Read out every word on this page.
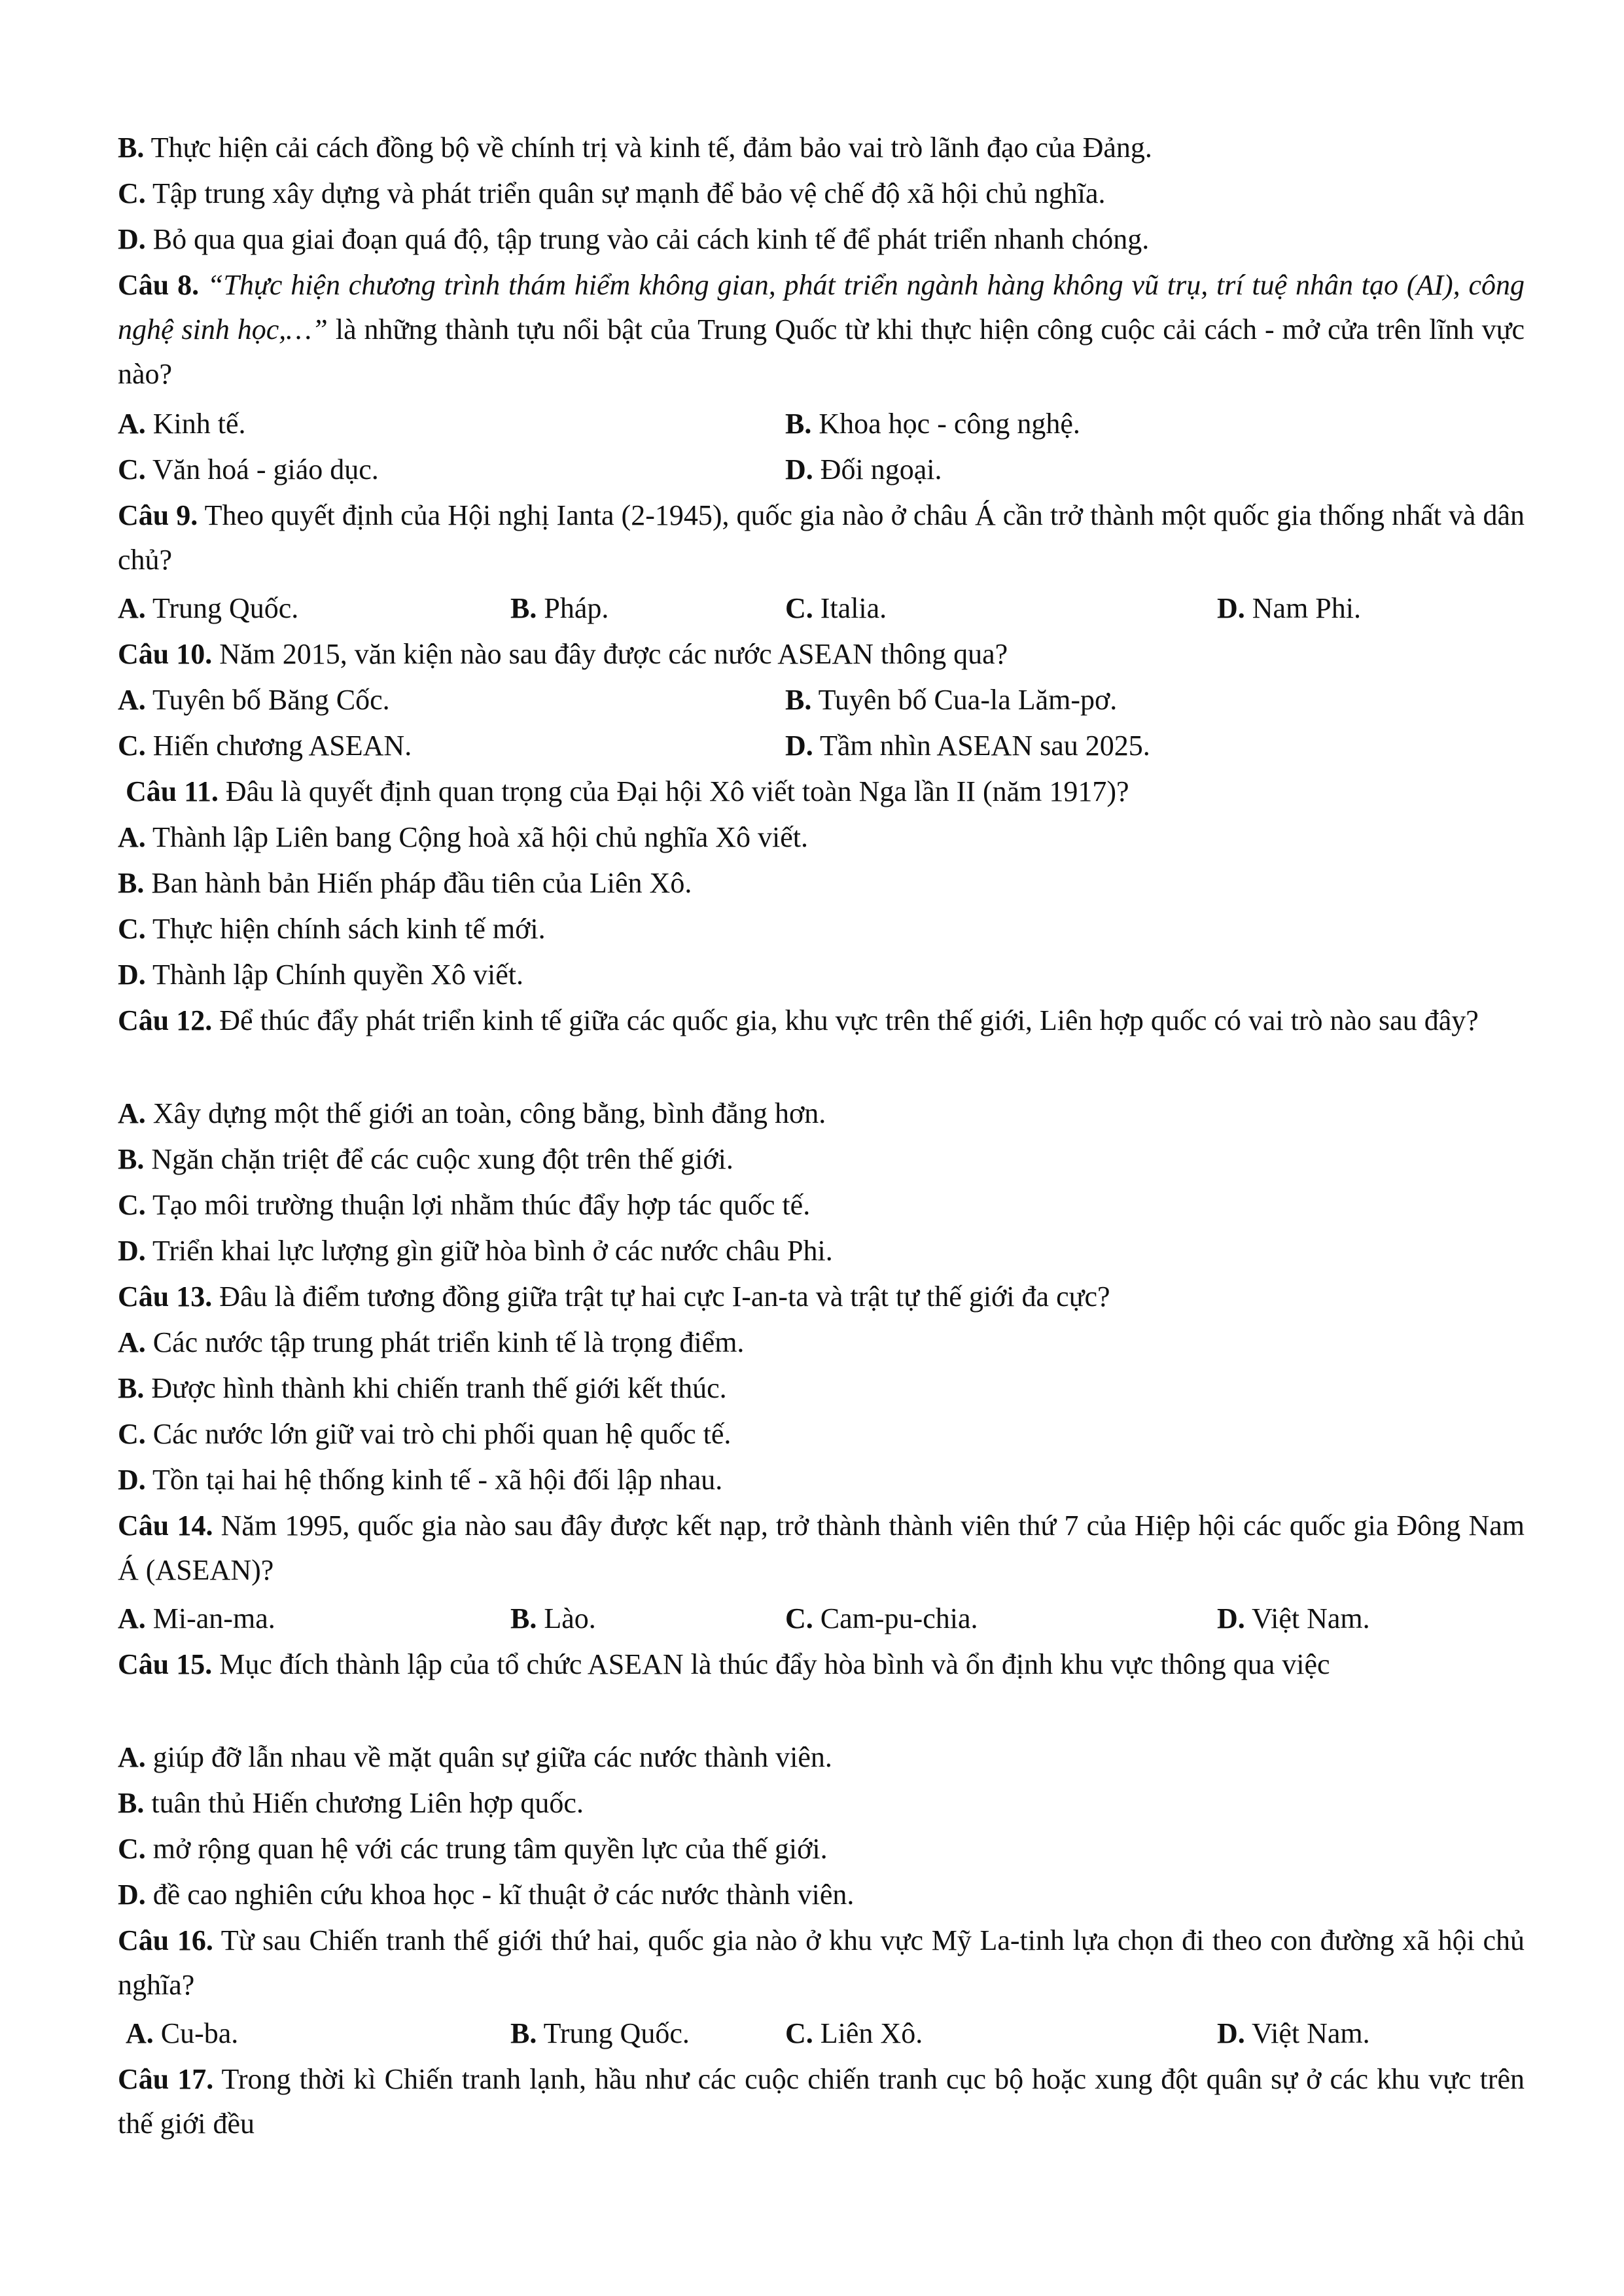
B. Thực hiện cải cách đồng bộ về chính trị và kinh tế, đảm bảo vai trò lãnh đạo của Đảng.
C. Tập trung xây dựng và phát triển quân sự mạnh để bảo vệ chế độ xã hội chủ nghĩa.
D. Bỏ qua qua giai đoạn quá độ, tập trung vào cải cách kinh tế để phát triển nhanh chóng.
Câu 8. “Thực hiện chương trình thám hiểm không gian, phát triển ngành hàng không vũ trụ, trí tuệ nhân tạo (AI), công nghệ sinh học,…” là những thành tựu nổi bật của Trung Quốc từ khi thực hiện công cuộc cải cách - mở cửa trên lĩnh vực nào?
A. Kinh tế.	B. Khoa học - công nghệ.
C. Văn hoá - giáo dục.	D. Đối ngoại.
Câu 9. Theo quyết định của Hội nghị Ianta (2-1945), quốc gia nào ở châu Á cần trở thành một quốc gia thống nhất và dân chủ?
A. Trung Quốc.	B. Pháp.	C. Italia.	D. Nam Phi.
Câu 10. Năm 2015, văn kiện nào sau đây được các nước ASEAN thông qua?
A. Tuyên bố Băng Cốc.	B. Tuyên bố Cua-la Lăm-pơ.
C. Hiến chương ASEAN.	D. Tầm nhìn ASEAN sau 2025.
Câu 11. Đâu là quyết định quan trọng của Đại hội Xô viết toàn Nga lần II (năm 1917)?
A. Thành lập Liên bang Cộng hoà xã hội chủ nghĩa Xô viết.
B. Ban hành bản Hiến pháp đầu tiên của Liên Xô.
C. Thực hiện chính sách kinh tế mới.
D. Thành lập Chính quyền Xô viết.
Câu 12. Để thúc đẩy phát triển kinh tế giữa các quốc gia, khu vực trên thế giới, Liên hợp quốc có vai trò nào sau đây?
A. Xây dựng một thế giới an toàn, công bằng, bình đẳng hơn.
B. Ngăn chặn triệt để các cuộc xung đột trên thế giới.
C. Tạo môi trường thuận lợi nhằm thúc đẩy hợp tác quốc tế.
D. Triển khai lực lượng gìn giữ hòa bình ở các nước châu Phi.
Câu 13. Đâu là điểm tương đồng giữa trật tự hai cực I-an-ta và trật tự thế giới đa cực?
A. Các nước tập trung phát triển kinh tế là trọng điểm.
B. Được hình thành khi chiến tranh thế giới kết thúc.
C. Các nước lớn giữ vai trò chi phối quan hệ quốc tế.
D. Tồn tại hai hệ thống kinh tế - xã hội đối lập nhau.
Câu 14. Năm 1995, quốc gia nào sau đây được kết nạp, trở thành thành viên thứ 7 của Hiệp hội các quốc gia Đông Nam Á (ASEAN)?
A. Mi-an-ma.	B. Lào.	C. Cam-pu-chia.	D. Việt Nam.
Câu 15. Mục đích thành lập của tổ chức ASEAN là thúc đẩy hòa bình và ổn định khu vực thông qua việc
A. giúp đỡ lẫn nhau về mặt quân sự giữa các nước thành viên.
B. tuân thủ Hiến chương Liên hợp quốc.
C. mở rộng quan hệ với các trung tâm quyền lực của thế giới.
D. đề cao nghiên cứu khoa học - kĩ thuật ở các nước thành viên.
Câu 16. Từ sau Chiến tranh thế giới thứ hai, quốc gia nào ở khu vực Mỹ La-tinh lựa chọn đi theo con đường xã hội chủ nghĩa?
A. Cu-ba.	B. Trung Quốc.	C. Liên Xô.	D. Việt Nam.
Câu 17. Trong thời kì Chiến tranh lạnh, hầu như các cuộc chiến tranh cục bộ hoặc xung đột quân sự ở các khu vực trên thế giới đều
